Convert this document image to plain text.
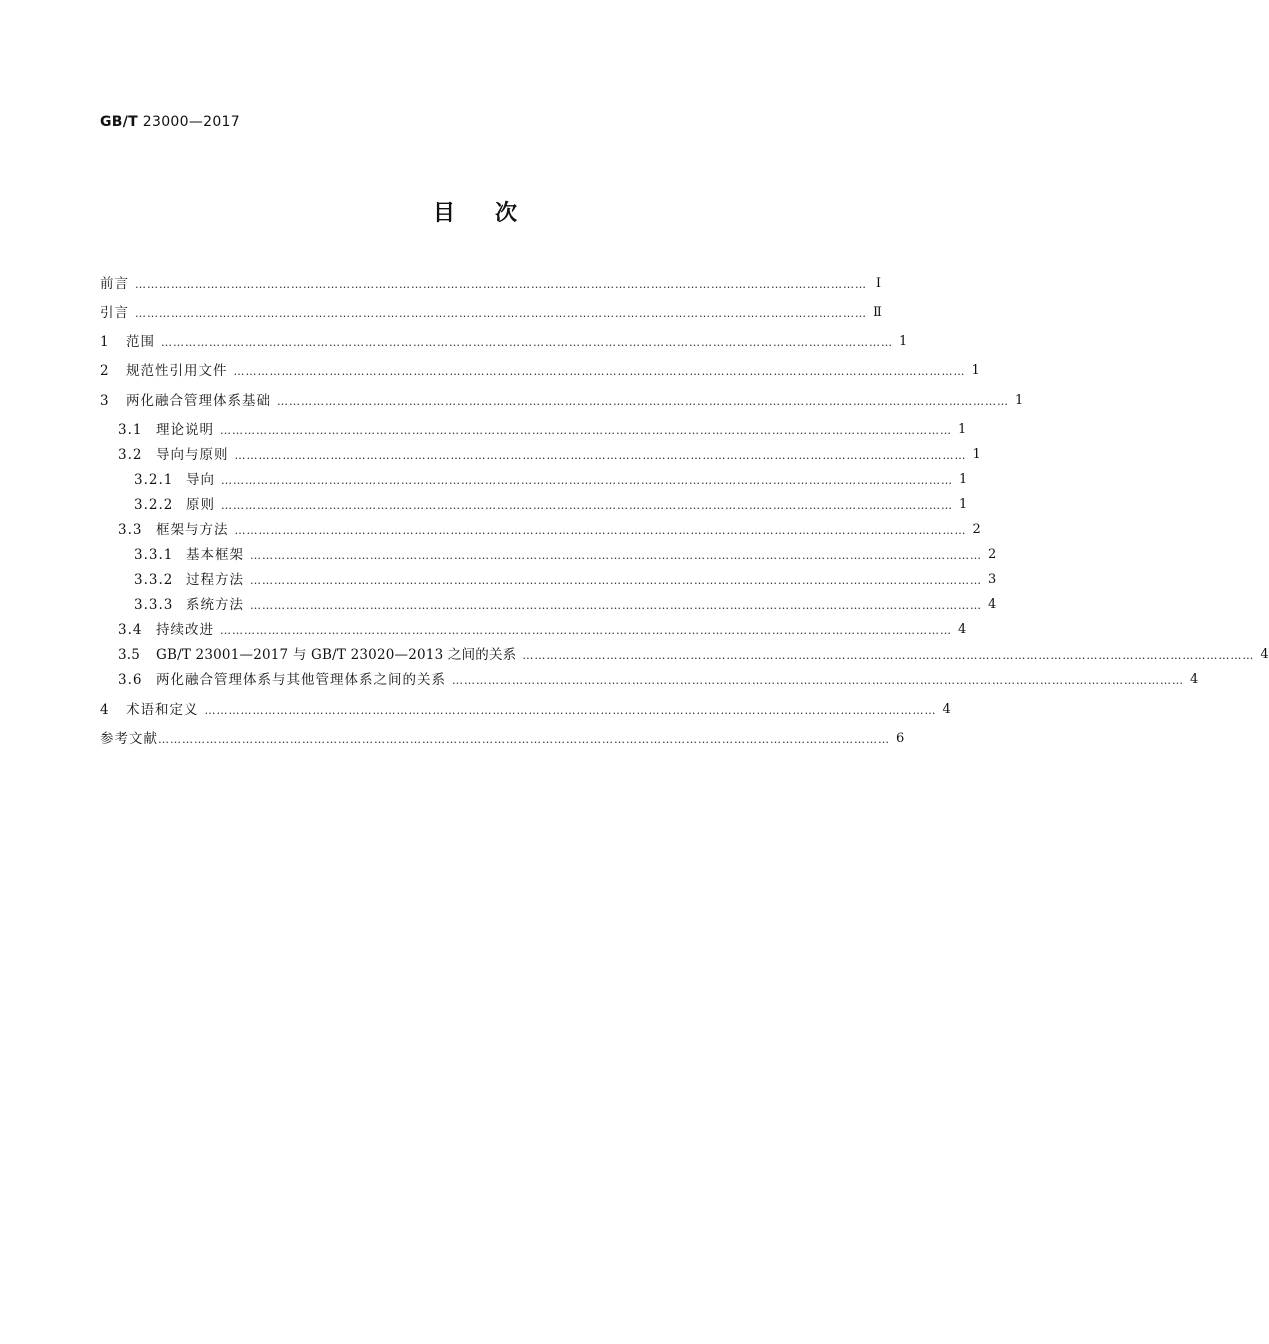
GB/T 23000—2017
目次
前言 ………………………………………………………………………………………………………………………………………………………………… Ⅰ
引言 ………………………………………………………………………………………………………………………………………………………………… Ⅱ
1 范围 ………………………………………………………………………………………………………………………………………………………………… 1
2 规范性引用文件 ………………………………………………………………………………………………………………………………………………………………… 1
3 两化融合管理体系基础 ………………………………………………………………………………………………………………………………………………………………… 1
3.1 理论说明 ………………………………………………………………………………………………………………………………………………………………… 1
3.2 导向与原则 ………………………………………………………………………………………………………………………………………………………………… 1
3.2.1 导向 ………………………………………………………………………………………………………………………………………………………………… 1
3.2.2 原则 ………………………………………………………………………………………………………………………………………………………………… 1
3.3 框架与方法 ………………………………………………………………………………………………………………………………………………………………… 2
3.3.1 基本框架 ………………………………………………………………………………………………………………………………………………………………… 2
3.3.2 过程方法 ………………………………………………………………………………………………………………………………………………………………… 3
3.3.3 系统方法 ………………………………………………………………………………………………………………………………………………………………… 4
3.4 持续改进 ………………………………………………………………………………………………………………………………………………………………… 4
3.5 GB/T 23001—2017 与 GB/T 23020—2013 之间的关系 ………………………………………………………………………………………………………………………………………………………………… 4
3.6 两化融合管理体系与其他管理体系之间的关系 ………………………………………………………………………………………………………………………………………………………………… 4
4 术语和定义 ………………………………………………………………………………………………………………………………………………………………… 4
参考文献 ………………………………………………………………………………………………………………………………………………………………… 6
